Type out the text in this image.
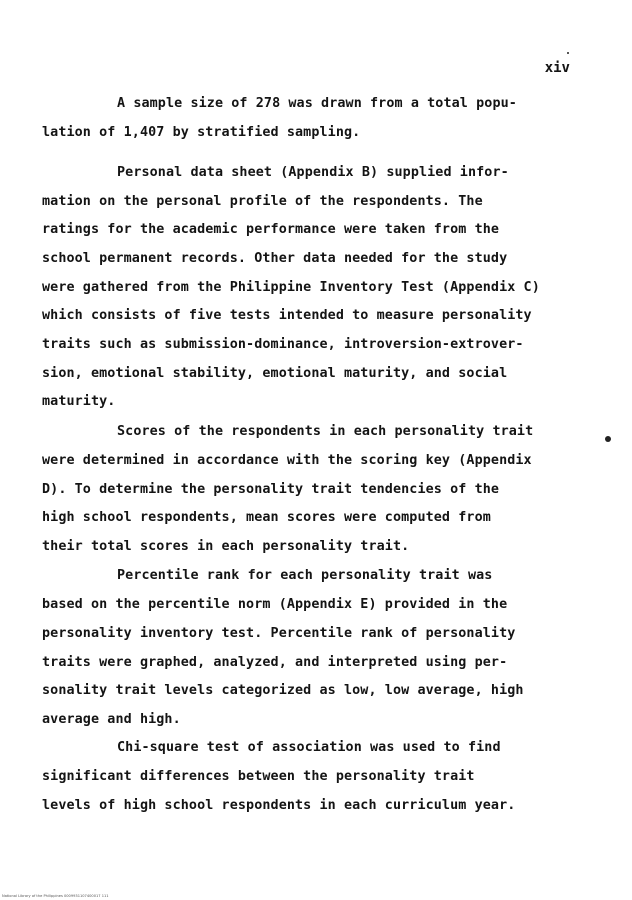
xiv
A sample size of 278 was drawn from a total popu-
lation of 1,407 by stratified sampling.
Personal data sheet (Appendix B) supplied infor-
mation on the personal profile of the respondents. The
ratings for the academic performance were taken from the
school permanent records. Other data needed for the study
were gathered from the Philippine Inventory Test (Appendix C)
which consists of five tests intended to measure personality
traits such as submission-dominance, introversion-extrover-
sion, emotional stability, emotional maturity, and social
maturity.
Scores of the respondents in each personality trait
were determined in accordance with the scoring key (Appendix
D). To determine the personality trait tendencies of the
high school respondents, mean scores were computed from
their total scores in each personality trait.
Percentile rank for each personality trait was
based on the percentile norm (Appendix E) provided in the
personality inventory test. Percentile rank of personality
traits were graphed, analyzed, and interpreted using per-
sonality trait levels categorized as low, low average, high
average and high.
Chi-square test of association was used to find
significant differences between the personality trait
levels of high school respondents in each curriculum year.
National Library of the Philippines 0009931107400017 111
